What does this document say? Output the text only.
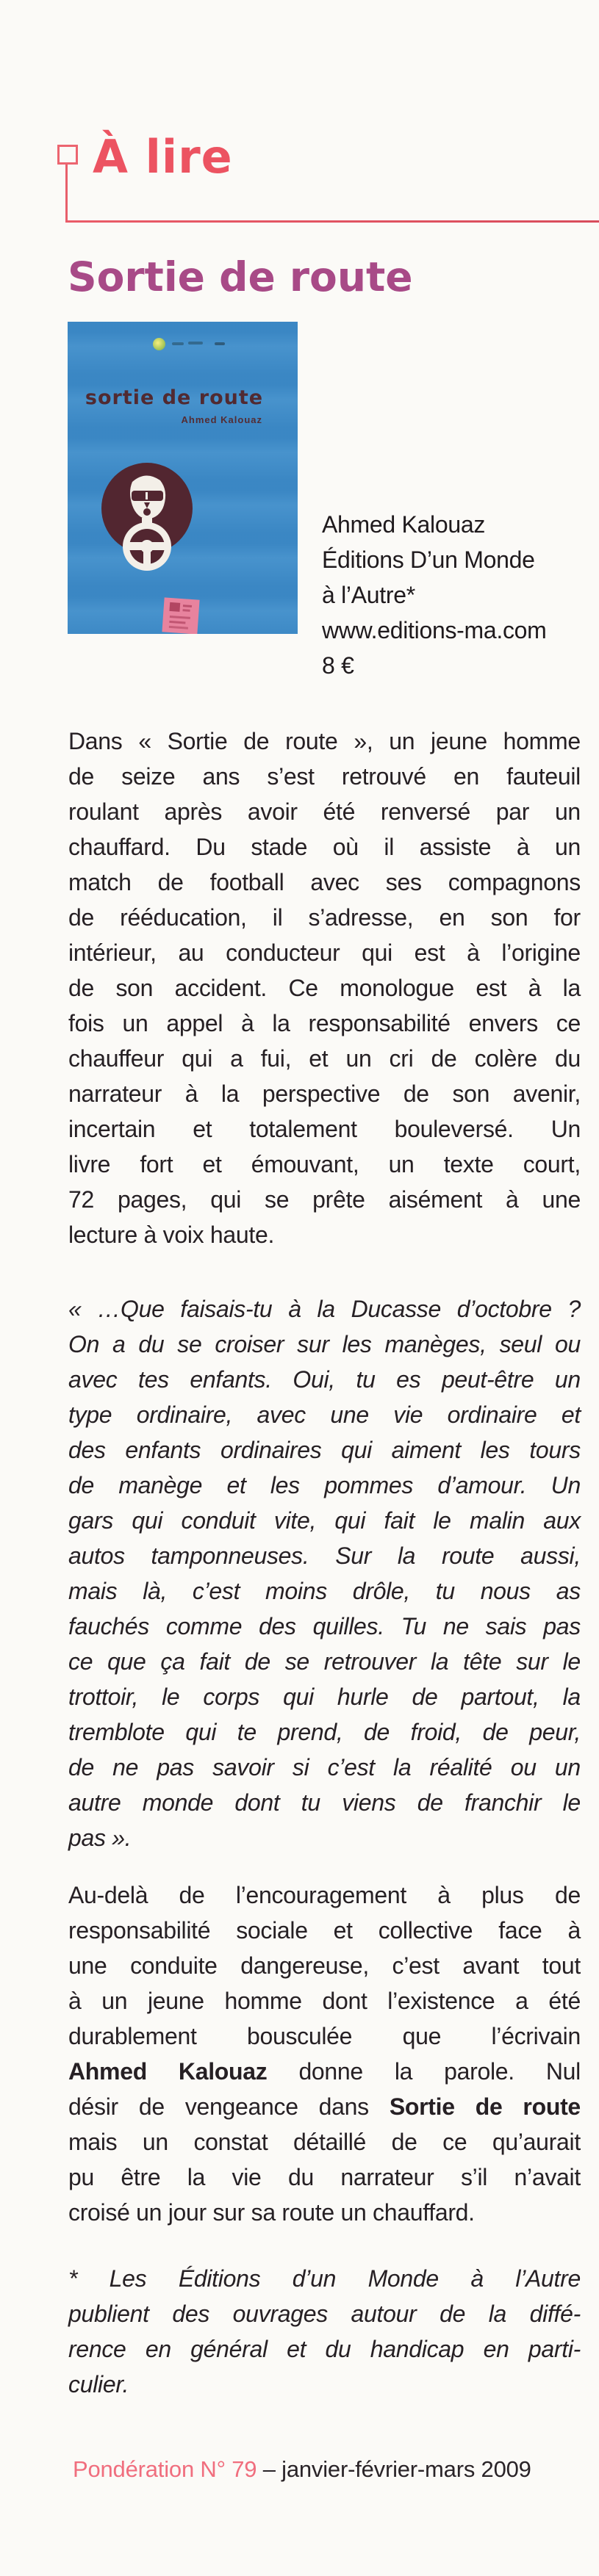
À lire
Sortie de route
sortie de route
Ahmed Kalouaz
Ahmed Kalouaz
Éditions D’un Monde
à l’Autre*
www.editions-ma.com
8 €
Dans « Sortie de route », un jeune homme
de seize ans s’est retrouvé en fauteuil
roulant après avoir été renversé par un
chauffard. Du stade où il assiste à un
match de football avec ses compagnons
de rééducation, il s’adresse, en son for
intérieur, au conducteur qui est à l’origine
de son accident. Ce monologue est à la
fois un appel à la responsabilité envers ce
chauffeur qui a fui, et un cri de colère du
narrateur à la perspective de son avenir,
incertain et totalement bouleversé. Un
livre fort et émouvant, un texte court,
72 pages, qui se prête aisément à une
lecture à voix haute.
« …Que faisais-tu à la Ducasse d’octobre ?
On a du se croiser sur les manèges, seul ou
avec tes enfants. Oui, tu es peut-être un
type ordinaire, avec une vie ordinaire et
des enfants ordinaires qui aiment les tours
de manège et les pommes d’amour. Un
gars qui conduit vite, qui fait le malin aux
autos tamponneuses. Sur la route aussi,
mais là, c’est moins drôle, tu nous as
fauchés comme des quilles. Tu ne sais pas
ce que ça fait de se retrouver la tête sur le
trottoir, le corps qui hurle de partout, la
tremblote qui te prend, de froid, de peur,
de ne pas savoir si c’est la réalité ou un
autre monde dont tu viens de franchir le
pas ».
Au-delà de l’encouragement à plus de
responsabilité sociale et collective face à
une conduite dangereuse, c’est avant tout
à un jeune homme dont l’existence a été
durablement bousculée que l’écrivain
Ahmed Kalouaz donne la parole. Nul
désir de vengeance dans Sortie de route
mais un constat détaillé de ce qu’aurait
pu être la vie du narrateur s’il n’avait
croisé un jour sur sa route un chauffard.
* Les Éditions d’un Monde à l’Autre
publient des ouvrages autour de la diffé-
rence en général et du handicap en parti-
culier.
Pondération N° 79 – janvier-février-mars 2009
